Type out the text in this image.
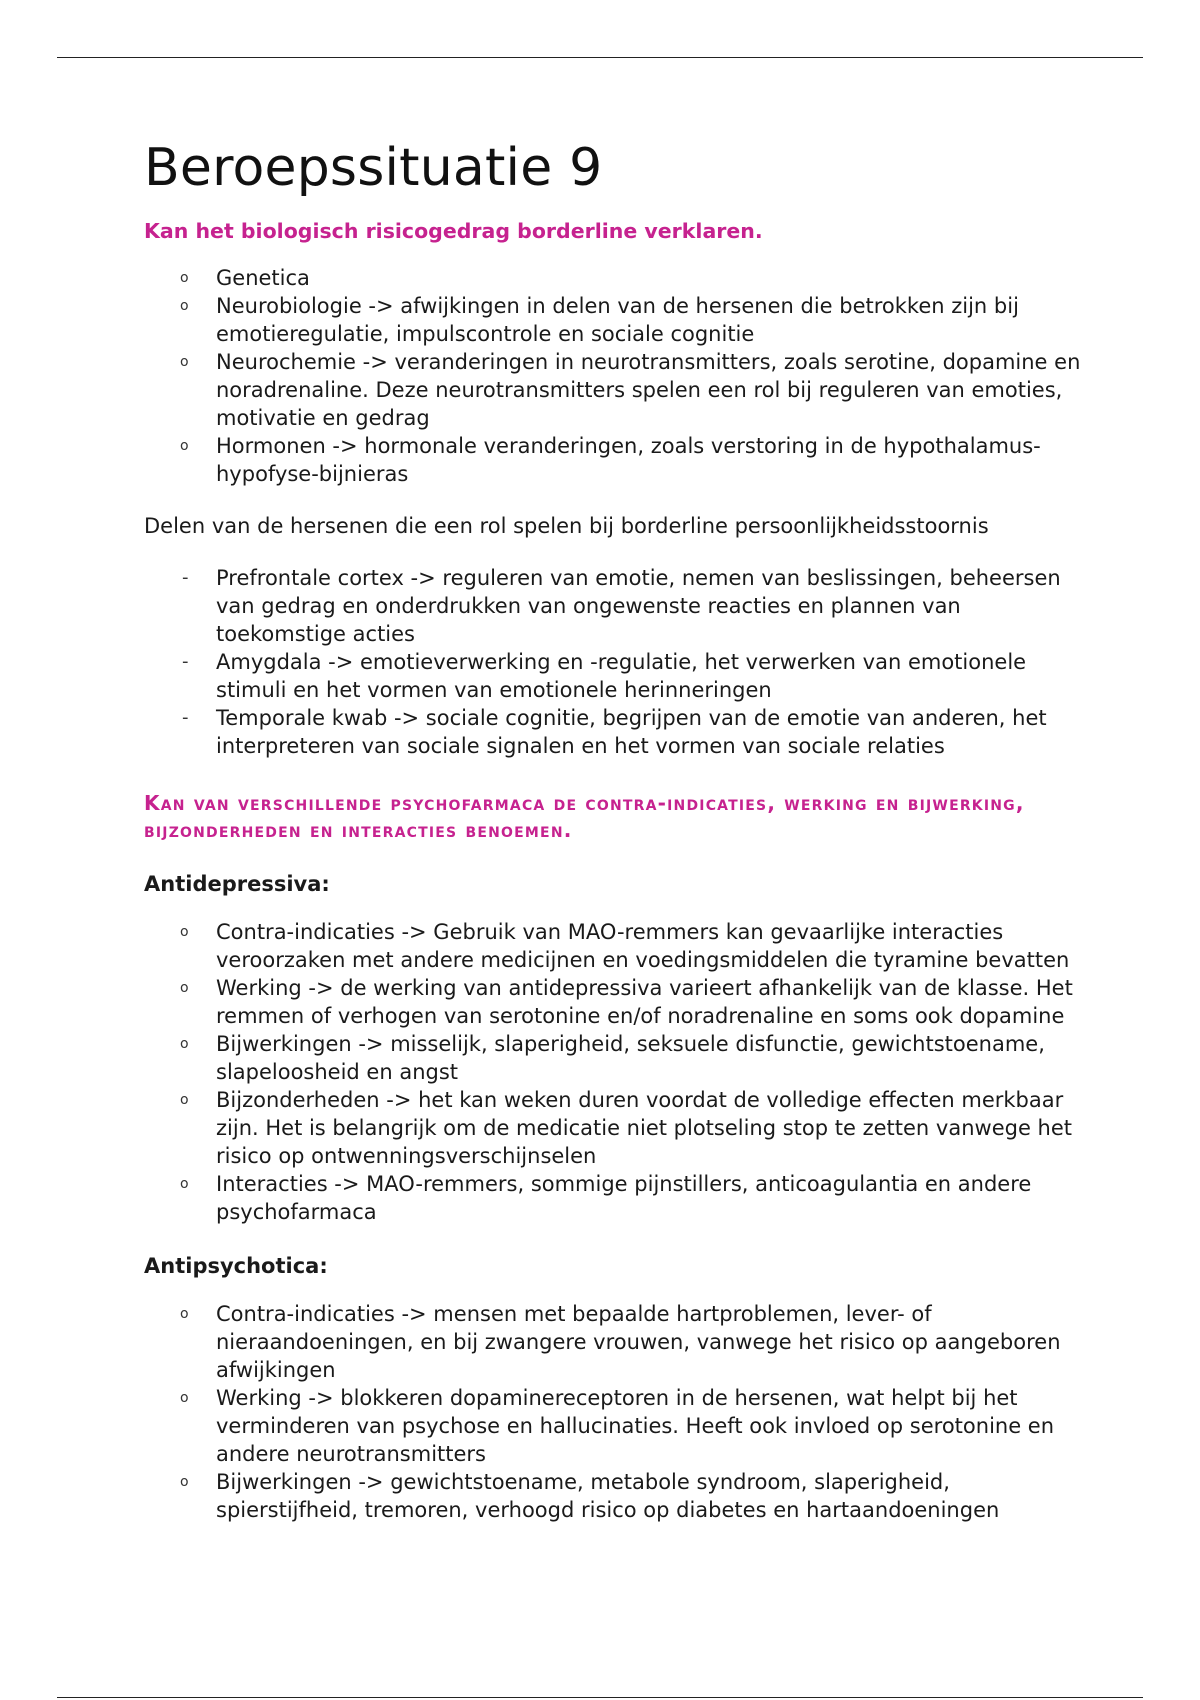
Beroepssituatie 9
Kan het biologisch risicogedrag borderline verklaren.
o	Genetica
o	Neurobiologie -> afwijkingen in delen van de hersenen die betrokken zijn bij emotieregulatie, impulscontrole en sociale cognitie
o	Neurochemie -> veranderingen in neurotransmitters, zoals serotine, dopamine en noradrenaline. Deze neurotransmitters spelen een rol bij reguleren van emoties, motivatie en gedrag
o	Hormonen -> hormonale veranderingen, zoals verstoring in de hypothalamus-hypofyse-bijnieras

Delen van de hersenen die een rol spelen bij borderline persoonlijkheidsstoornis

-	Prefrontale cortex -> reguleren van emotie, nemen van beslissingen, beheersen van gedrag en onderdrukken van ongewenste reacties en plannen van toekomstige acties
-	Amygdala -> emotieverwerking en -regulatie, het verwerken van emotionele stimuli en het vormen van emotionele herinneringen
-	Temporale kwab -> sociale cognitie, begrijpen van de emotie van anderen, het interpreteren van sociale signalen en het vormen van sociale relaties
Kan van verschillende psychofarmaca de contra-indicaties, werking en bijwerking, bijzonderheden en interacties benoemen.
Antidepressiva:
o	Contra-indicaties -> Gebruik van MAO-remmers kan gevaarlijke interacties veroorzaken met andere medicijnen en voedingsmiddelen die tyramine bevatten
o	Werking -> de werking van antidepressiva varieert afhankelijk van de klasse. Het remmen of verhogen van serotonine en/of noradrenaline en soms ook dopamine
o	Bijwerkingen -> misselijk, slaperigheid, seksuele disfunctie, gewichtstoename, slapeloosheid en angst
o	Bijzonderheden -> het kan weken duren voordat de volledige effecten merkbaar zijn. Het is belangrijk om de medicatie niet plotseling stop te zetten vanwege het risico op ontwenningsverschijnselen
o	Interacties -> MAO-remmers, sommige pijnstillers, anticoagulantia en andere psychofarmaca
Antipsychotica:
o	Contra-indicaties -> mensen met bepaalde hartproblemen, lever- of nieraandoeningen, en bij zwangere vrouwen, vanwege het risico op aangeboren afwijkingen
o	Werking -> blokkeren dopaminereceptoren in de hersenen, wat helpt bij het verminderen van psychose en hallucinaties. Heeft ook invloed op serotonine en andere neurotransmitters
o	Bijwerkingen -> gewichtstoename, metabole syndroom, slaperigheid, spierstijfheid, tremoren, verhoogd risico op diabetes en hartaandoeningen
